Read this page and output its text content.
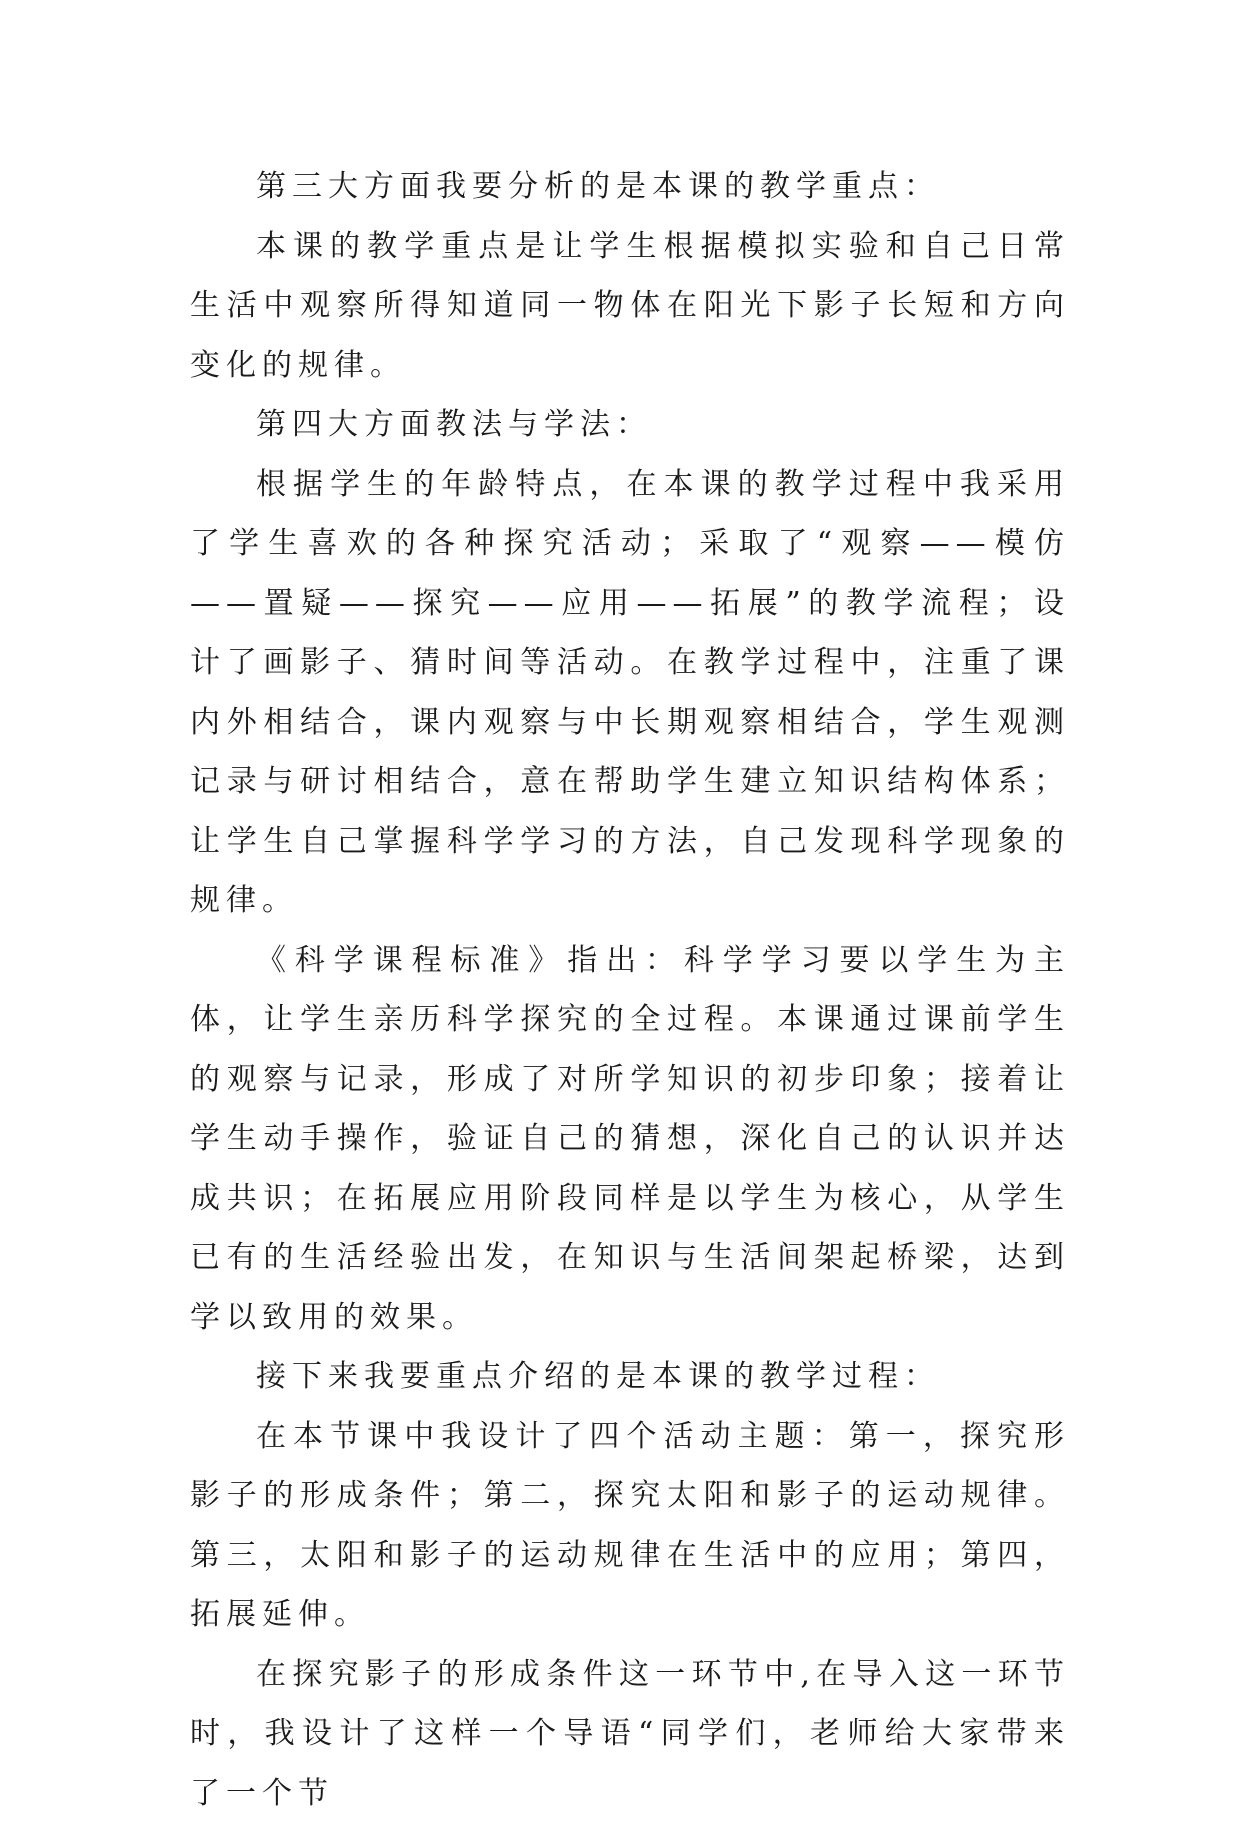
第三大方面我要分析的是本课的教学重点：

本课的教学重点是让学生根据模拟实验和自己日常生活中观察所得知道同一物体在阳光下影子长短和方向变化的规律。

第四大方面教法与学法：

根据学生的年龄特点，在本课的教学过程中我采用了学生喜欢的各种探究活动；采取了“观察——模仿——置疑——探究——应用——拓展”的教学流程；设计了画影子、猜时间等活动。在教学过程中，注重了课内外相结合，课内观察与中长期观察相结合，学生观测记录与研讨相结合，意在帮助学生建立知识结构体系；让学生自己掌握科学学习的方法，自己发现科学现象的规律。

《科学课程标准》指出：科学学习要以学生为主体，让学生亲历科学探究的全过程。本课通过课前学生的观察与记录，形成了对所学知识的初步印象；接着让学生动手操作，验证自己的猜想，深化自己的认识并达成共识；在拓展应用阶段同样是以学生为核心，从学生已有的生活经验出发，在知识与生活间架起桥梁，达到学以致用的效果。

接下来我要重点介绍的是本课的教学过程：

在本节课中我设计了四个活动主题：第一，探究形影子的形成条件；第二，探究太阳和影子的运动规律。第三，太阳和影子的运动规律在生活中的应用；第四，拓展延伸。

在探究影子的形成条件这一环节中,在导入这一环节时，我设计了这样一个导语“同学们，老师给大家带来了一个节
